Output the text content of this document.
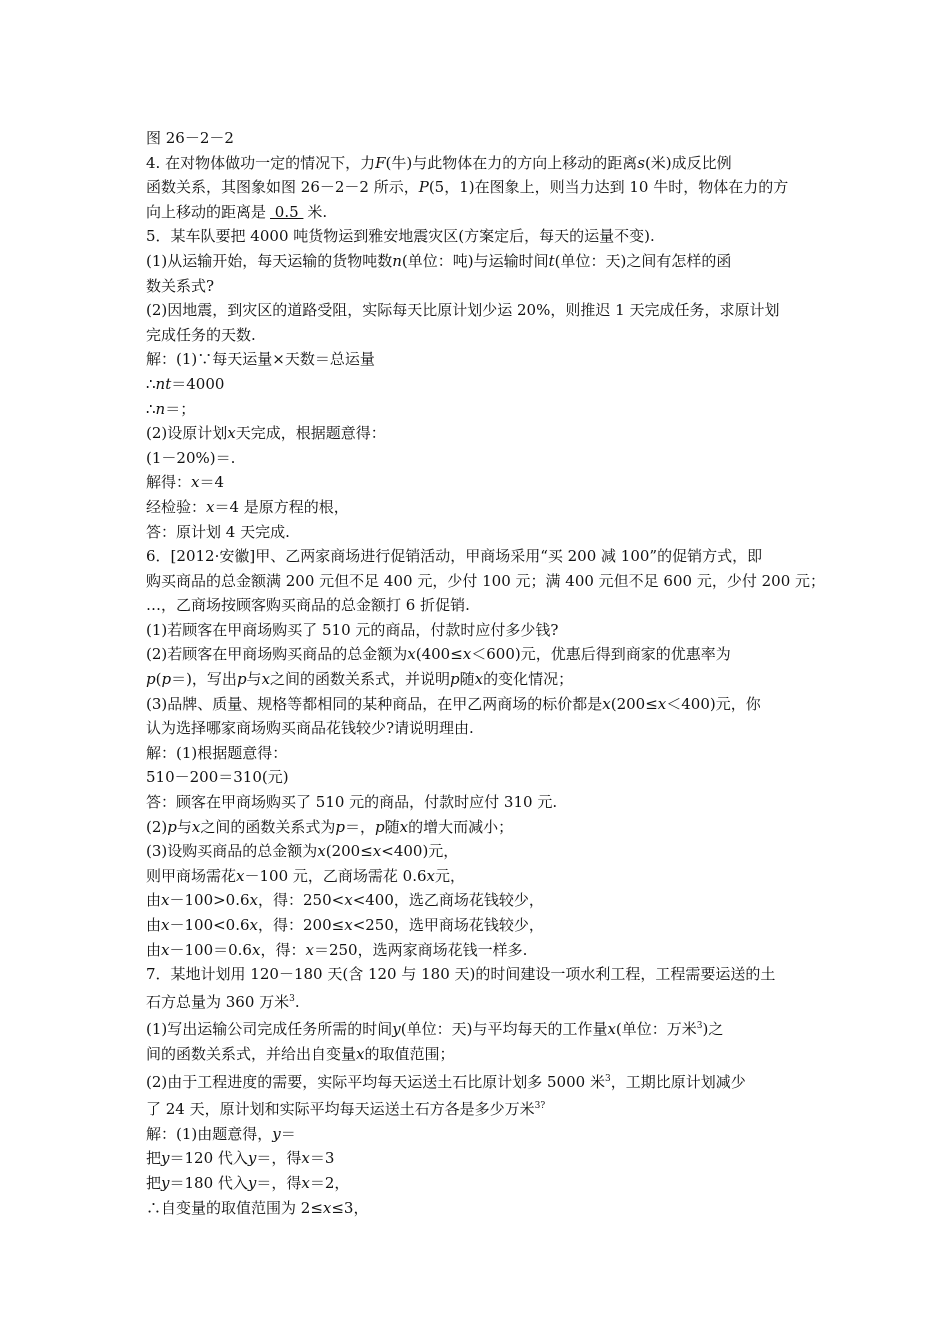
图 26－2－2
4. 在对物体做功一定的情况下，力F(牛)与此物体在力的方向上移动的距离s(米)成反比例
函数关系，其图象如图 26－2－2 所示，P(5，1)在图象上，则当力达到 10 牛时，物体在力的方
向上移动的距离是 0.5 米.
5．某车队要把 4000 吨货物运到雅安地震灾区(方案定后，每天的运量不变).
(1)从运输开始，每天运输的货物吨数n(单位：吨)与运输时间t(单位：天)之间有怎样的函
数关系式?
(2)因地震，到灾区的道路受阻，实际每天比原计划少运 20%，则推迟 1 天完成任务，求原计划
完成任务的天数.
解：(1)∵每天运量×天数＝总运量
∴nt＝4000
∴n＝；
(2)设原计划x天完成，根据题意得：
(1－20%)＝.
解得：x＝4
经检验：x＝4 是原方程的根，
答：原计划 4 天完成.
6．[2012·安徽]甲、乙两家商场进行促销活动，甲商场采用“买 200 减 100”的促销方式，即
购买商品的总金额满 200 元但不足 400 元，少付 100 元；满 400 元但不足 600 元，少付 200 元；
…，乙商场按顾客购买商品的总金额打 6 折促销.
(1)若顾客在甲商场购买了 510 元的商品，付款时应付多少钱?
(2)若顾客在甲商场购买商品的总金额为x(400≤x＜600)元，优惠后得到商家的优惠率为
p(p＝)，写出p与x之间的函数关系式，并说明p随x的变化情况；
(3)品牌、质量、规格等都相同的某种商品，在甲乙两商场的标价都是x(200≤x＜400)元，你
认为选择哪家商场购买商品花钱较少?请说明理由.
解：(1)根据题意得：
510－200＝310(元)
答：顾客在甲商场购买了 510 元的商品，付款时应付 310 元.
(2)p与x之间的函数关系式为p＝，p随x的增大而减小；
(3)设购买商品的总金额为x(200≤x<400)元，
则甲商场需花x－100 元，乙商场需花 0.6x元，
由x－100>0.6x，得：250<x<400，选乙商场花钱较少，
由x－100<0.6x，得：200≤x<250，选甲商场花钱较少，
由x－100＝0.6x，得：x＝250，选两家商场花钱一样多.
7．某地计划用 120－180 天(含 120 与 180 天)的时间建设一项水利工程，工程需要运送的土
石方总量为 360 万米$^3$.
(1)写出运输公司完成任务所需的时间y(单位：天)与平均每天的工作量x(单位：万米$^3$)之
间的函数关系式，并给出自变量x的取值范围；
(2)由于工程进度的需要，实际平均每天运送土石比原计划多 5000 米$^3$，工期比原计划减少
了 24 天，原计划和实际平均每天运送土石方各是多少万米$^{3?}$
解：(1)由题意得，y＝
把y＝120 代入y＝，得x＝3
把y＝180 代入y＝，得x＝2，
∴自变量的取值范围为 2≤x≤3，
